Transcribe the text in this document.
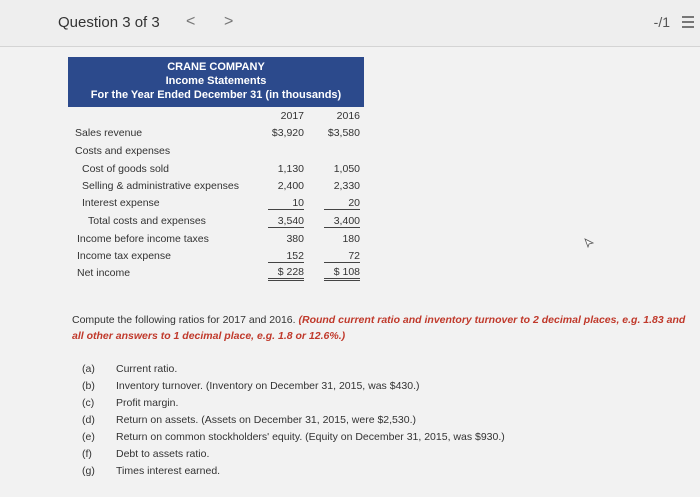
Question 3 of 3 < >	-/1
CRANE COMPANY
Income Statements
For the Year Ended December 31 (in thousands)
2017	2016
Sales revenue	$3,920	$3,580
Costs and expenses
Cost of goods sold	1,130	1,050
Selling & administrative expenses	2,400	2,330
Interest expense	10	20
Total costs and expenses	3,540	3,400
Income before income taxes	380	180
Income tax expense	152	72
Net income	$ 228	$ 108
Compute the following ratios for 2017 and 2016. (Round current ratio and inventory turnover to 2 decimal places, e.g. 1.83 and all other answers to 1 decimal place, e.g. 1.8 or 12.6%.)
(a) Current ratio.
(b) Inventory turnover. (Inventory on December 31, 2015, was $430.)
(c) Profit margin.
(d) Return on assets. (Assets on December 31, 2015, were $2,530.)
(e) Return on common stockholders' equity. (Equity on December 31, 2015, was $930.)
(f) Debt to assets ratio.
(g) Times interest earned.
